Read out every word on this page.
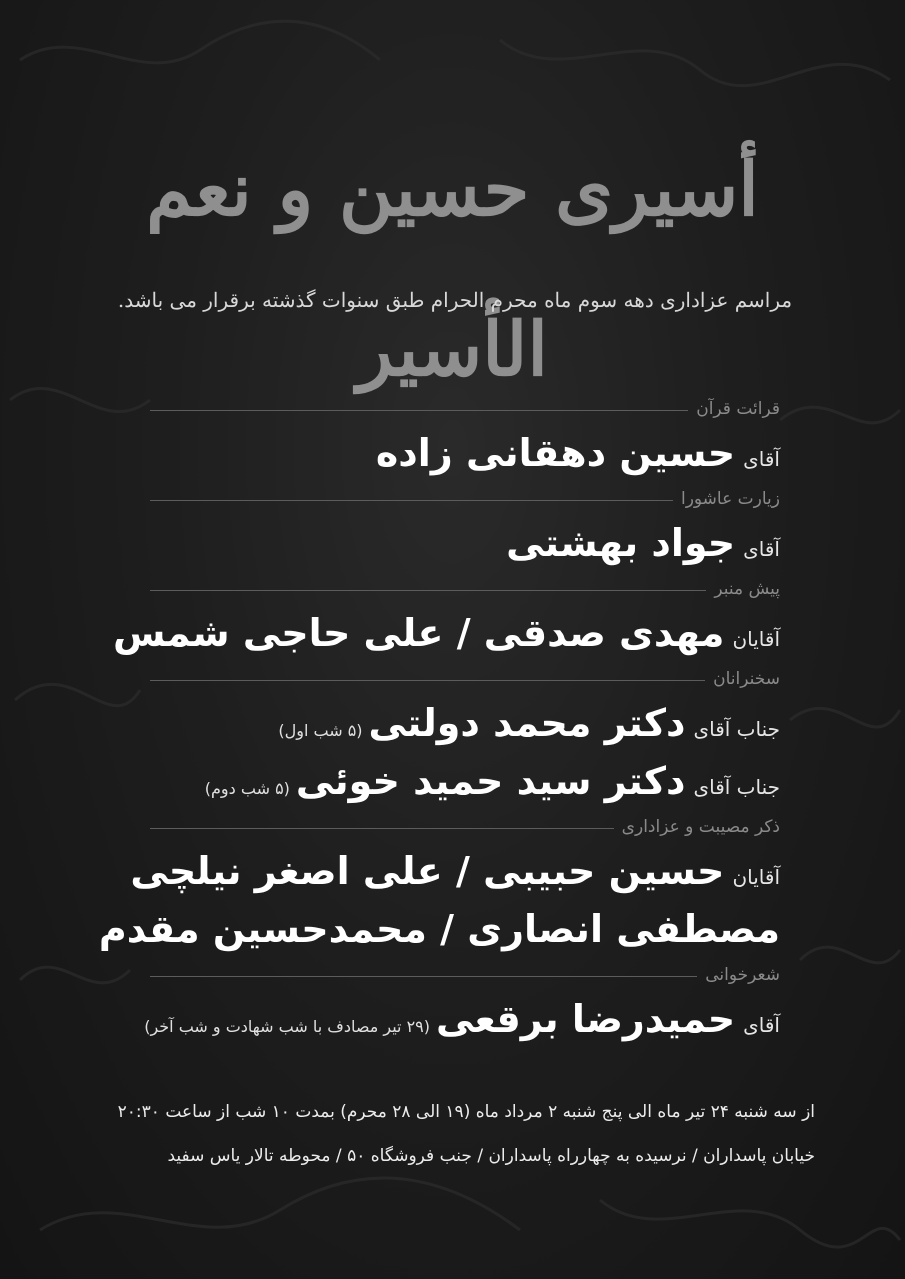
أسیری حسین و نعم الأسیر
مراسم عزاداری دهه سوم ماه محرم الحرام طبق سنوات گذشته برقرار می باشد.
قرائت قرآن
آقای
حسین دهقانی زاده
زیارت عاشورا
آقای
جواد بهشتی
پیش منبر
آقایان
مهدی صدقی / علی حاجی شمس
سخنرانان
جناب آقای
دکتر محمد دولتی
(۵ شب اول)
جناب آقای
دکتر سید حمید خوئی
(۵ شب دوم)
ذکر مصیبت و عزاداری
آقایان
حسین حبیبی / علی اصغر نیلچی
مصطفی انصاری / محمدحسین مقدم
شعرخوانی
آقای
حمیدرضا برقعی
(۲۹ تیر مصادف با شب شهادت و شب آخر)
از سه شنبه ۲۴ تیر ماه الی پنج شنبه ۲ مرداد ماه (۱۹ الی ۲۸ محرم) بمدت ۱۰ شب از ساعت ۲۰:۳۰
خیابان پاسداران / نرسیده به چهارراه پاسداران / جنب فروشگاه ۵۰ / محوطه تالار یاس سفید
